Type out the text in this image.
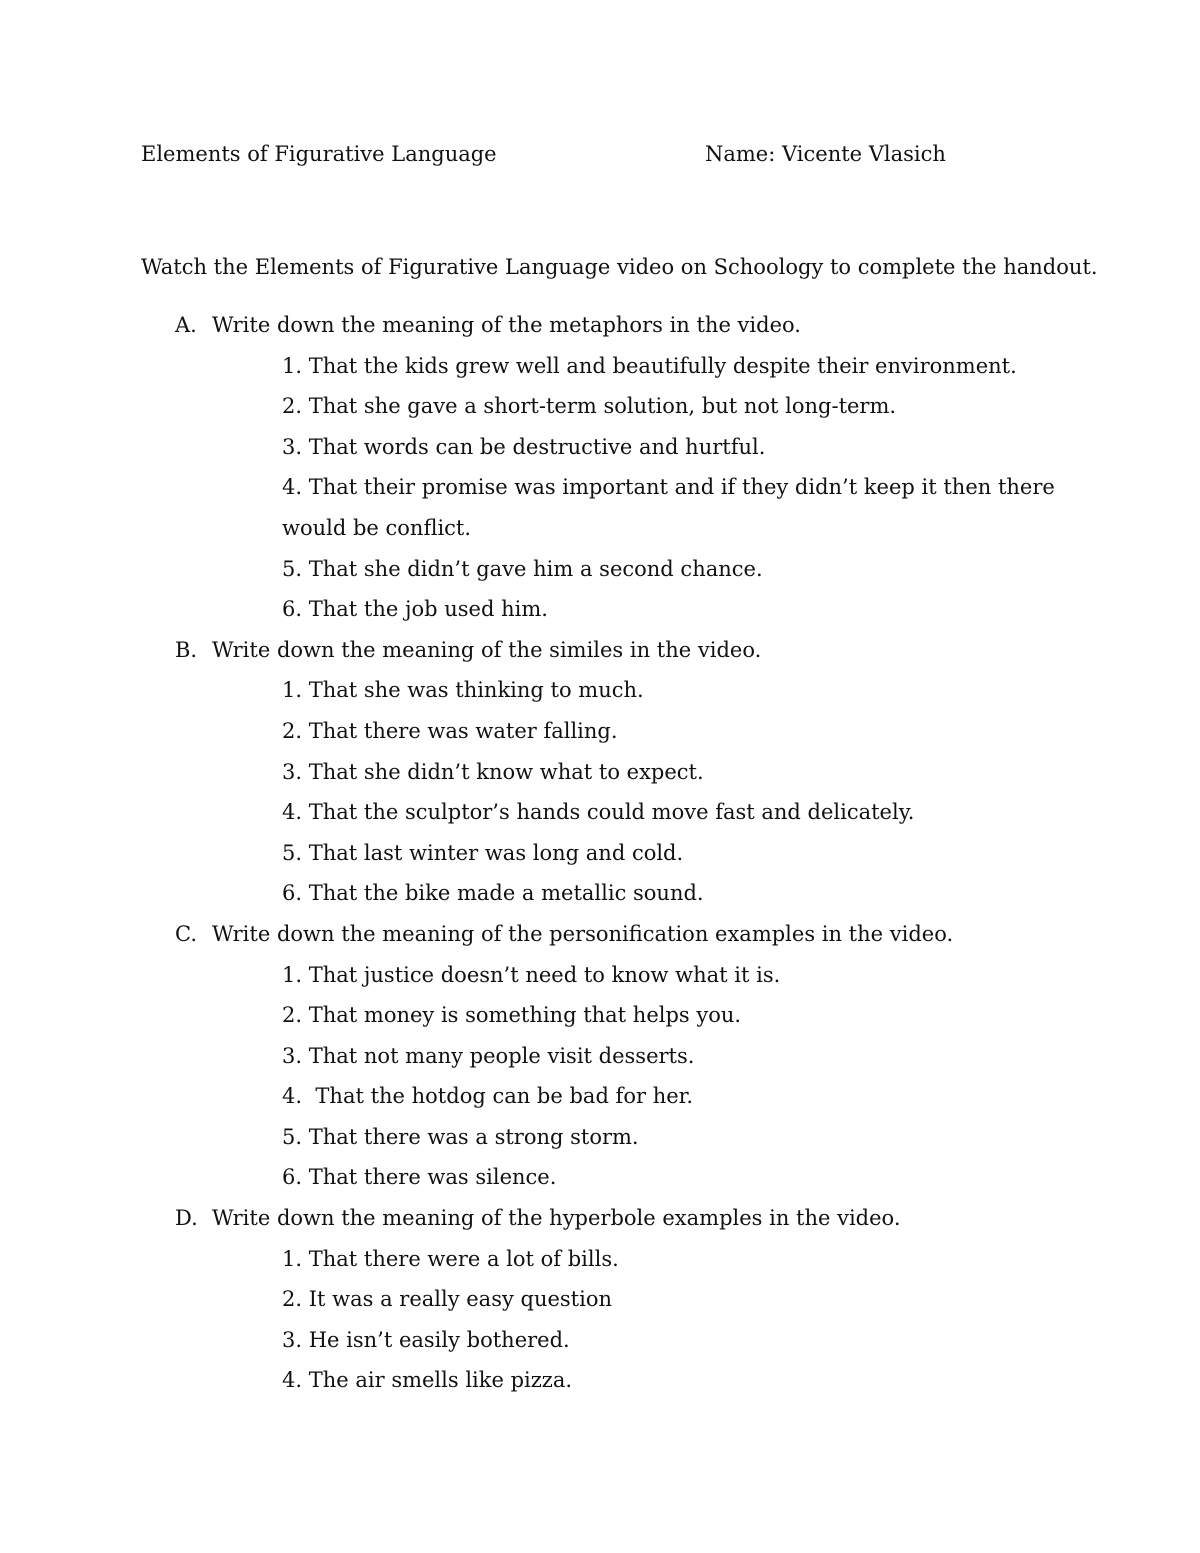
Elements of Figurative Language	Name: Vicente Vlasich
Watch the Elements of Figurative Language video on Schoology to complete the handout.
A. Write down the meaning of the metaphors in the video.
1. That the kids grew well and beautifully despite their environment.
2. That she gave a short-term solution, but not long-term.
3. That words can be destructive and hurtful.
4. That their promise was important and if they didn’t keep it then there
would be conflict.
5. That she didn’t gave him a second chance.
6. That the job used him.
B. Write down the meaning of the similes in the video.
1. That she was thinking to much.
2. That there was water falling.
3. That she didn’t know what to expect.
4. That the sculptor’s hands could move fast and delicately.
5. That last winter was long and cold.
6. That the bike made a metallic sound.
C. Write down the meaning of the personification examples in the video.
1. That justice doesn’t need to know what it is.
2. That money is something that helps you.
3. That not many people visit desserts.
4.  That the hotdog can be bad for her.
5. That there was a strong storm.
6. That there was silence.
D. Write down the meaning of the hyperbole examples in the video.
1. That there were a lot of bills.
2. It was a really easy question
3. He isn’t easily bothered.
4. The air smells like pizza.
